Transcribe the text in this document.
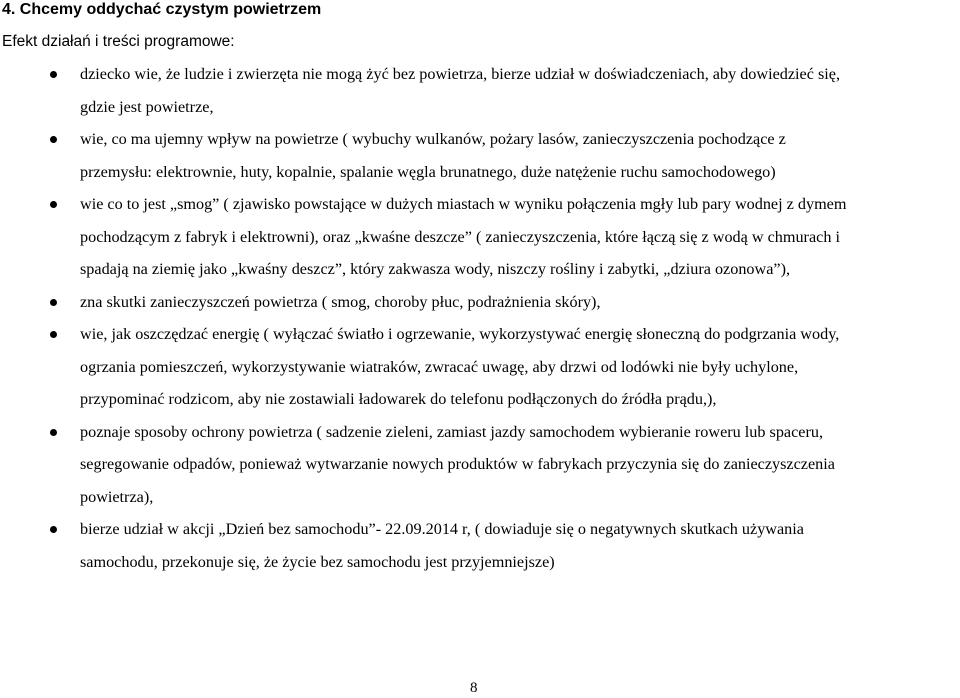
4. Chcemy oddychać czystym powietrzem
Efekt działań i treści programowe:
dziecko wie, że ludzie i zwierzęta nie mogą żyć bez powietrza, bierze udział w doświadczeniach, aby dowiedzieć się,
gdzie jest powietrze,
wie, co ma ujemny wpływ na powietrze ( wybuchy wulkanów, pożary lasów, zanieczyszczenia pochodzące z
przemysłu: elektrownie, huty, kopalnie, spalanie węgla brunatnego, duże natężenie ruchu samochodowego)
wie co to jest „smog” ( zjawisko powstające w dużych miastach w wyniku połączenia mgły lub pary wodnej z dymem
pochodzącym z fabryk i elektrowni), oraz „kwaśne deszcze” ( zanieczyszczenia, które łączą się z wodą w chmurach i
spadają na ziemię jako „kwaśny deszcz”, który zakwasza wody, niszczy rośliny i zabytki, „dziura ozonowa”),
zna skutki zanieczyszczeń powietrza ( smog, choroby płuc, podrażnienia skóry),
wie, jak oszczędzać energię ( wyłączać światło i ogrzewanie, wykorzystywać energię słoneczną do podgrzania wody,
ogrzania pomieszczeń, wykorzystywanie wiatraków, zwracać uwagę, aby drzwi od lodówki nie były uchylone,
przypominać rodzicom, aby nie zostawiali ładowarek do telefonu podłączonych do źródła prądu,),
poznaje sposoby ochrony powietrza ( sadzenie zieleni, zamiast jazdy samochodem wybieranie roweru lub spaceru,
segregowanie odpadów, ponieważ wytwarzanie nowych produktów w fabrykach przyczynia się do zanieczyszczenia
powietrza),
bierze udział w akcji „Dzień bez samochodu”- 22.09.2014 r, ( dowiaduje się o negatywnych skutkach używania
samochodu, przekonuje się, że życie bez samochodu jest przyjemniejsze)
8
